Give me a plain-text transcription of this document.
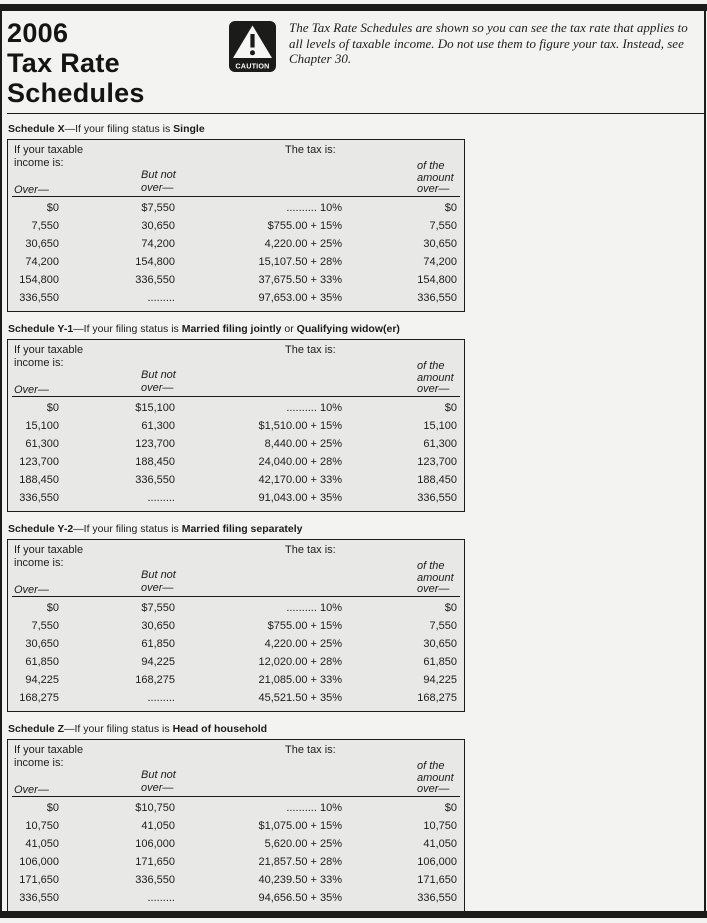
2006
Tax Rate
Schedules
CAUTION
The Tax Rate Schedules are shown so you can see the tax rate that applies to all levels of taxable income. Do not use them to figure your tax. Instead, see Chapter 30.
Schedule X—If your filing status is Single
If your taxable income is:
The tax is:
But not over—
of the amount over—
Over—
$0	$7,550	.......... 10%	$0
7,550	30,650	$755.00 + 15%	7,550
30,650	74,200	4,220.00 + 25%	30,650
74,200	154,800	15,107.50 + 28%	74,200
154,800	336,550	37,675.50 + 33%	154,800
336,550	.........	97,653.00 + 35%	336,550
Schedule Y-1—If your filing status is Married filing jointly or Qualifying widow(er)
If your taxable income is:
The tax is:
But not over—
of the amount over—
Over—
$0	$15,100	.......... 10%	$0
15,100	61,300	$1,510.00 + 15%	15,100
61,300	123,700	8,440.00 + 25%	61,300
123,700	188,450	24,040.00 + 28%	123,700
188,450	336,550	42,170.00 + 33%	188,450
336,550	.........	91,043.00 + 35%	336,550
Schedule Y-2—If your filing status is Married filing separately
If your taxable income is:
The tax is:
But not over—
of the amount over—
Over—
$0	$7,550	.......... 10%	$0
7,550	30,650	$755.00 + 15%	7,550
30,650	61,850	4,220.00 + 25%	30,650
61,850	94,225	12,020.00 + 28%	61,850
94,225	168,275	21,085.00 + 33%	94,225
168,275	.........	45,521.50 + 35%	168,275
Schedule Z—If your filing status is Head of household
If your taxable income is:
The tax is:
But not over—
of the amount over—
Over—
$0	$10,750	.......... 10%	$0
10,750	41,050	$1,075.00 + 15%	10,750
41,050	106,000	5,620.00 + 25%	41,050
106,000	171,650	21,857.50 + 28%	106,000
171,650	336,550	40,239.50 + 33%	171,650
336,550	.........	94,656.50 + 35%	336,550
